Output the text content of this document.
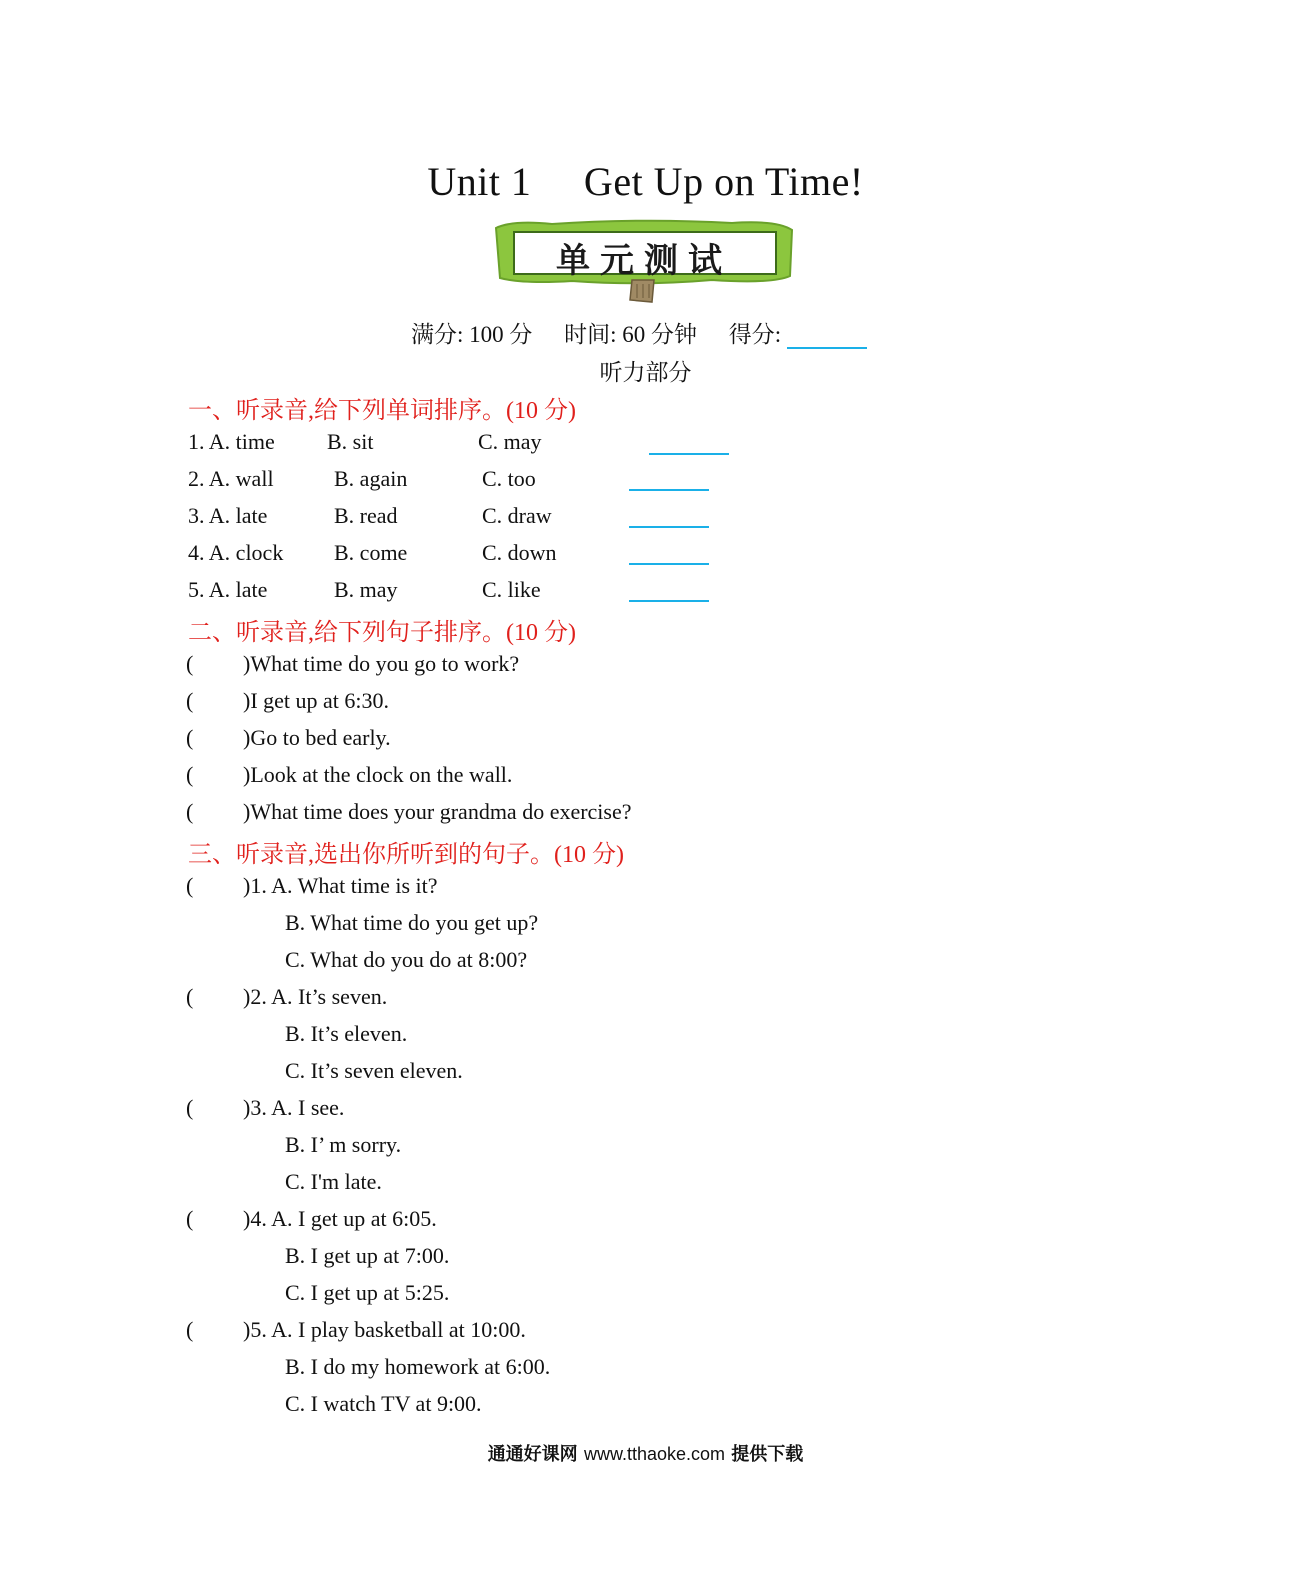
Unit 1     Get Up on Time!
单元测试
满分: 100 分 时间: 60 分钟 得分:
听力部分
一、听录音,给下列单词排序。(10 分)
1. A. time B. sit	C. may
2. A. wall	B. again	C. too
3. A. late	B. read	C. draw
4. A. clock B. come	C. down
5. A. late	B. may	C. like
二、听录音,给下列句子排序。(10 分)
( )What time do you go to work?
( )I get up at 6:30.
( )Go to bed early.
( )Look at the clock on the wall.
( )What time does your grandma do exercise?
三、听录音,选出你所听到的句子。(10 分)
( )1. A. What time is it?
B. What time do you get up?
C. What do you do at 8:00?
( )2. A. It’s seven.
B. It’s eleven.
C. It’s seven eleven.
( )3. A. I see.
B. I’ m sorry.
C. I'm late.
( )4. A. I get up at 6:05.
B. I get up at 7:00.
C. I get up at 5:25.
( )5. A. I play basketball at 10:00.
B. I do my homework at 6:00.
C. I watch TV at 9:00.
通通好课网 www.tthaoke.com 提供下载
